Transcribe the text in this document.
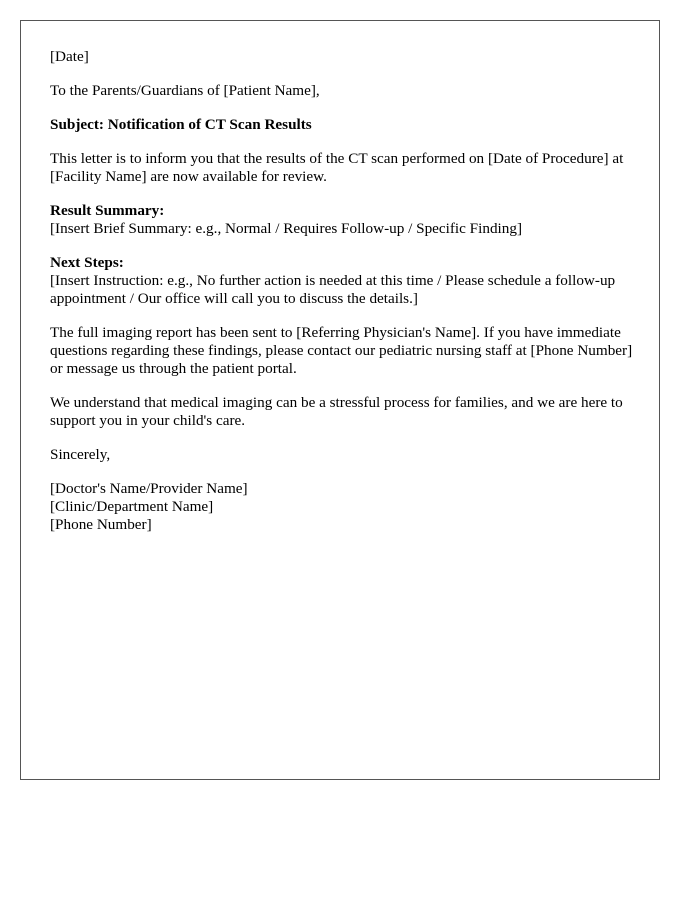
[Date]

To the Parents/Guardians of [Patient Name],

Subject: Notification of CT Scan Results

This letter is to inform you that the results of the CT scan performed on [Date of Procedure] at [Facility Name] are now available for review.

Result Summary:
[Insert Brief Summary: e.g., Normal / Requires Follow-up / Specific Finding]
Next Steps:
[Insert Instruction: e.g., No further action is needed at this time / Please schedule a follow-up appointment / Our office will call you to discuss the details.]

The full imaging report has been sent to [Referring Physician's Name]. If you have immediate questions regarding these findings, please contact our pediatric nursing staff at [Phone Number] or message us through the patient portal.

We understand that medical imaging can be a stressful process for families, and we are here to support you in your child's care.

Sincerely,

[Doctor's Name/Provider Name]
[Clinic/Department Name]
[Phone Number]
